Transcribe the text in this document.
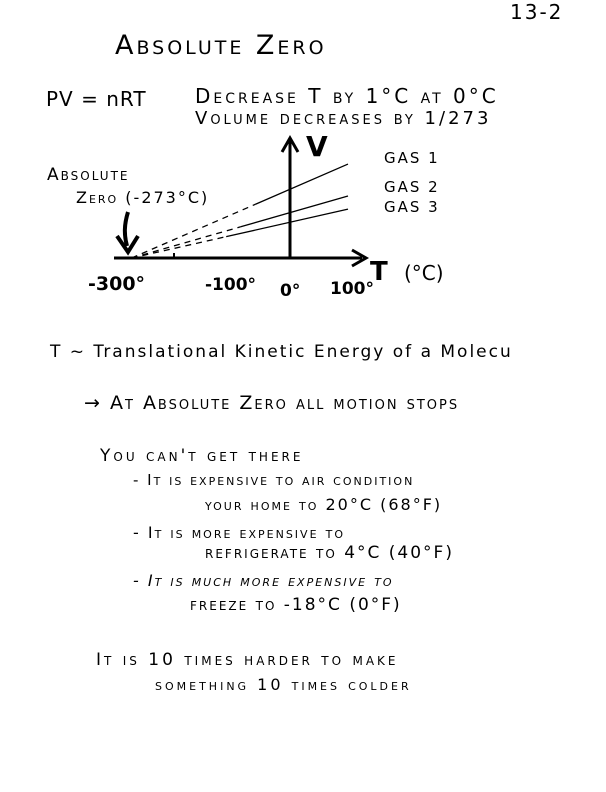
13-2
Absolute Zero
PV = nRT Decrease T by 1°C at 0°C
Volume decreases by 1/273
GAS 1
GAS 2
GAS 3
V
-300°	-100° 0° 100°
T (°C)
Absolute
Zero (-273°C)
T ~ Translational Kinetic Energy of a Molecu
→ At Absolute Zero all motion stops
You can't get there
- It is expensive to air condition
your home to 20°C (68°F)
- It is more expensive to
refrigerate to 4°C (40°F)
- It is much more expensive to
freeze to -18°C (0°F)
It is 10 times harder to make
something 10 times colder
